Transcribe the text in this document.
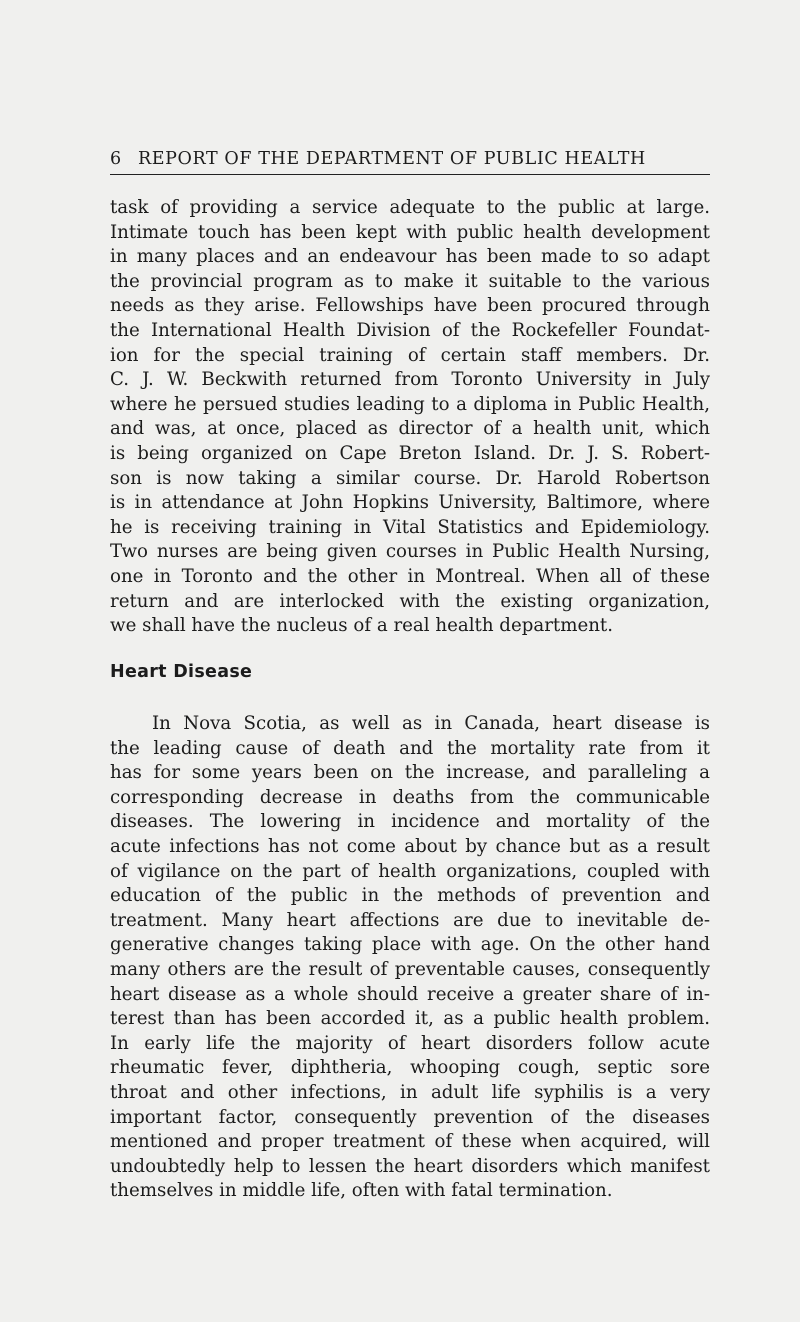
6 REPORT OF THE DEPARTMENT OF PUBLIC HEALTH
task of providing a service adequate to the public at large.
Intimate touch has been kept with public health development
in many places and an endeavour has been made to so adapt
the provincial program as to make it suitable to the various
needs as they arise. Fellowships have been procured through
the International Health Division of the Rockefeller Foundat-
ion for the special training of certain staff members. Dr.
C. J. W. Beckwith returned from Toronto University in July
where he persued studies leading to a diploma in Public Health,
and was, at once, placed as director of a health unit, which
is being organized on Cape Breton Island. Dr. J. S. Robert-
son is now taking a similar course. Dr. Harold Robertson
is in attendance at John Hopkins University, Baltimore, where
he is receiving training in Vital Statistics and Epidemiology.
Two nurses are being given courses in Public Health Nursing,
one in Toronto and the other in Montreal. When all of these
return and are interlocked with the existing organization,
we shall have the nucleus of a real health department.
Heart Disease
In Nova Scotia, as well as in Canada, heart disease is
the leading cause of death and the mortality rate from it
has for some years been on the increase, and paralleling a
corresponding decrease in deaths from the communicable
diseases. The lowering in incidence and mortality of the
acute infections has not come about by chance but as a result
of vigilance on the part of health organizations, coupled with
education of the public in the methods of prevention and
treatment. Many heart affections are due to inevitable de-
generative changes taking place with age. On the other hand
many others are the result of preventable causes, consequently
heart disease as a whole should receive a greater share of in-
terest than has been accorded it, as a public health problem.
In early life the majority of heart disorders follow acute
rheumatic fever, diphtheria, whooping cough, septic sore
throat and other infections, in adult life syphilis is a very
important factor, consequently prevention of the diseases
mentioned and proper treatment of these when acquired, will
undoubtedly help to lessen the heart disorders which manifest
themselves in middle life, often with fatal termination.
